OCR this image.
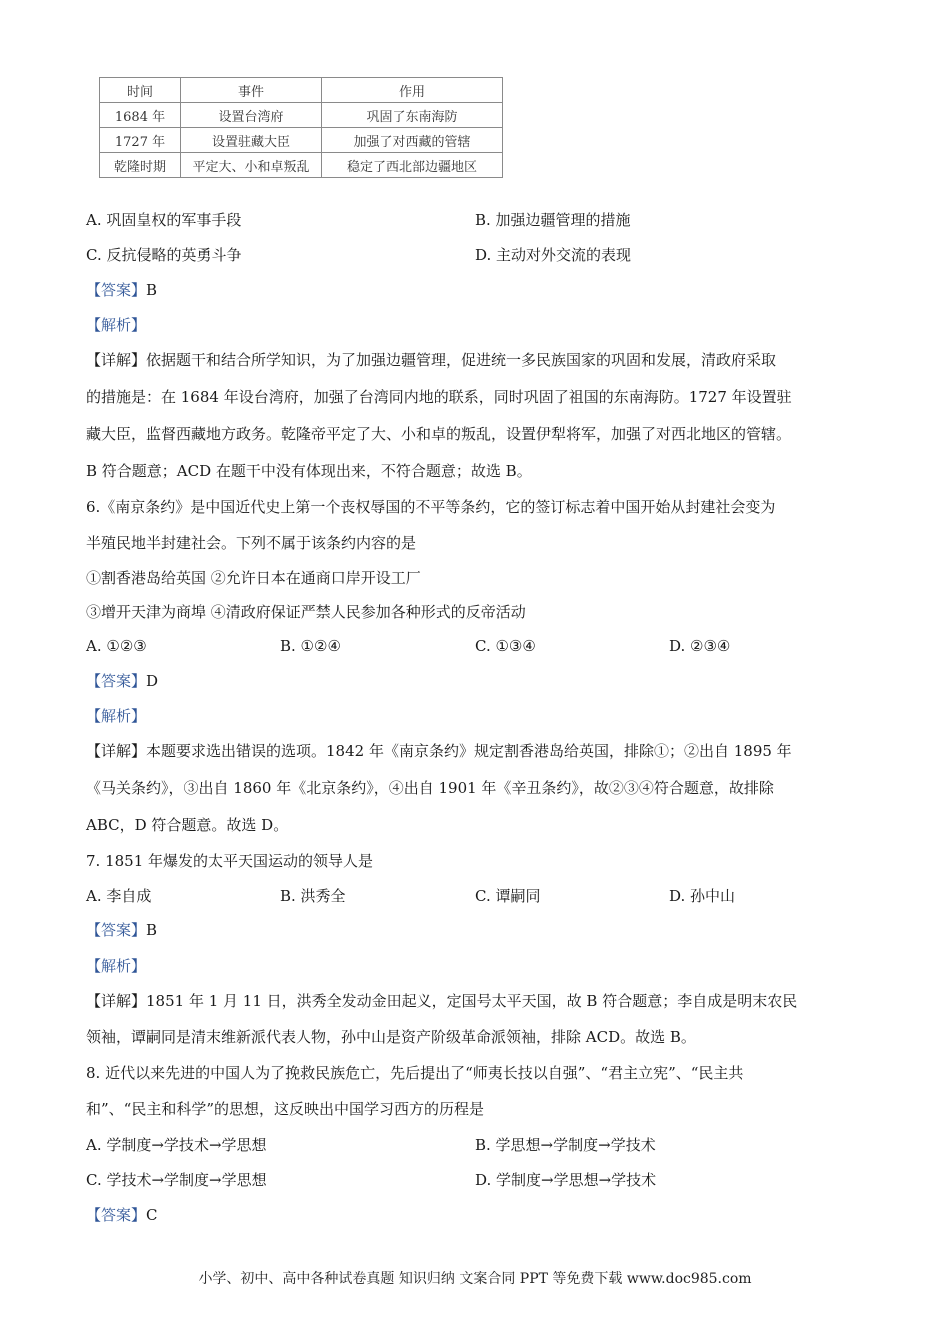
时间	事件	作用
1684 年	设置台湾府	巩固了东南海防
1727 年	设置驻藏大臣	加强了对西藏的管辖
乾隆时期	平定大、小和卓叛乱	稳定了西北部边疆地区
A. 巩固皇权的军事手段	B. 加强边疆管理的措施
C. 反抗侵略的英勇斗争	D. 主动对外交流的表现
【答案】B
【解析】
【详解】依据题干和结合所学知识，为了加强边疆管理，促进统一多民族国家的巩固和发展，清政府采取
的措施是：在 1684 年设台湾府，加强了台湾同内地的联系，同时巩固了祖国的东南海防。1727 年设置驻
藏大臣，监督西藏地方政务。乾隆帝平定了大、小和卓的叛乱，设置伊犁将军，加强了对西北地区的管辖。
B 符合题意；ACD 在题干中没有体现出来，不符合题意；故选 B。
6.《南京条约》是中国近代史上第一个丧权辱国的不平等条约，它的签订标志着中国开始从封建社会变为
半殖民地半封建社会。下列不属于该条约内容的是
①割香港岛给英国 ②允许日本在通商口岸开设工厂
③增开天津为商埠 ④清政府保证严禁人民参加各种形式的反帝活动
A. ①②③	B. ①②④	C. ①③④	D. ②③④
【答案】D
【解析】
【详解】本题要求选出错误的选项。1842 年《南京条约》规定割香港岛给英国，排除①；②出自 1895 年
《马关条约》，③出自 1860 年《北京条约》，④出自 1901 年《辛丑条约》，故②③④符合题意，故排除
ABC，D 符合题意。故选 D。
7. 1851 年爆发的太平天国运动的领导人是
A. 李自成	B. 洪秀全	C. 谭嗣同	D. 孙中山
【答案】B
【解析】
【详解】1851 年 1 月 11 日，洪秀全发动金田起义，定国号太平天国，故 B 符合题意；李自成是明末农民
领袖，谭嗣同是清末维新派代表人物，孙中山是资产阶级革命派领袖，排除 ACD。故选 B。
8. 近代以来先进的中国人为了挽救民族危亡，先后提出了“师夷长技以自强”、“君主立宪”、“民主共
和”、“民主和科学”的思想，这反映出中国学习西方的历程是
A. 学制度→学技术→学思想	B. 学思想→学制度→学技术
C. 学技术→学制度→学思想	D. 学制度→学思想→学技术
【答案】C
小学、初中、高中各种试卷真题 知识归纳 文案合同 PPT 等免费下载 www.doc985.com
